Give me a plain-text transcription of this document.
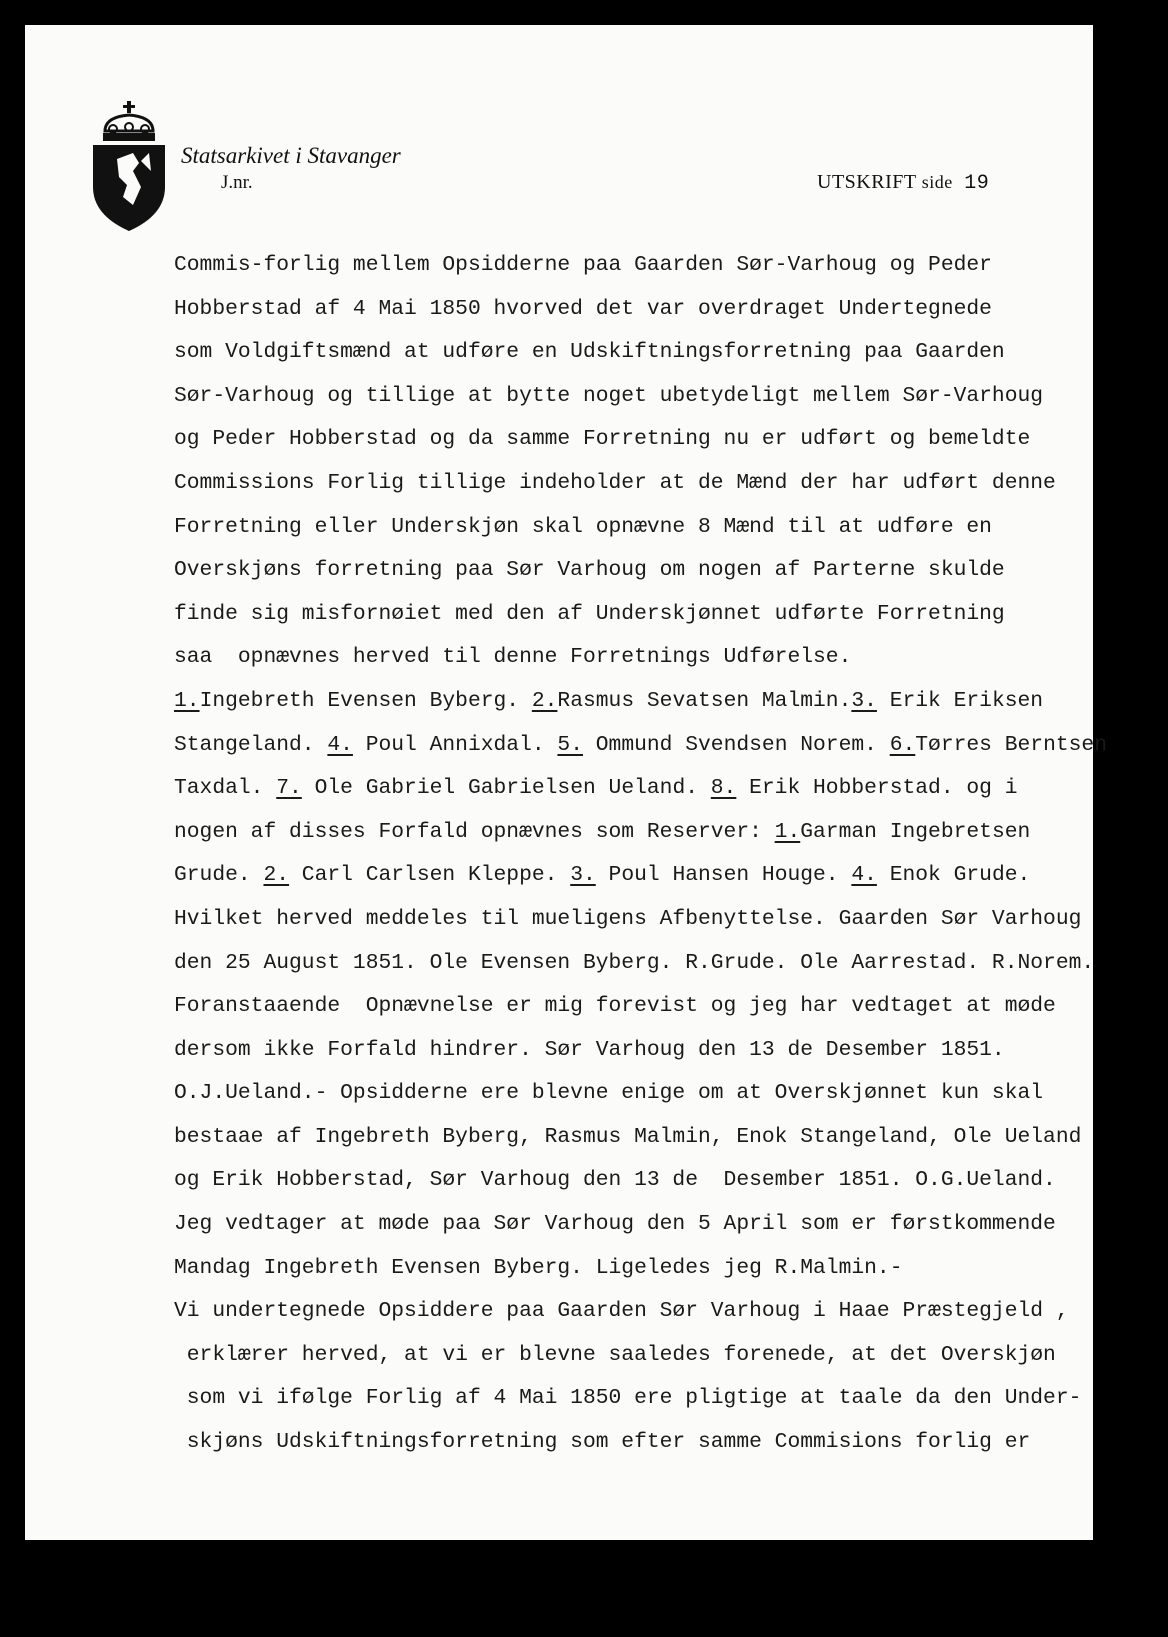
Statsarkivet i Stavanger
J.nr.	UTSKRIFT side 19
Commis-forlig mellem Opsidderne paa Gaarden Sør-Varhoug og Peder
Hobberstad af 4 Mai 1850 hvorved det var overdraget Undertegnede
som Voldgiftsmænd at udføre en Udskiftningsforretning paa Gaarden
Sør-Varhoug og tillige at bytte noget ubetydeligt mellem Sør-Varhoug
og Peder Hobberstad og da samme Forretning nu er udført og bemeldte
Commissions Forlig tillige indeholder at de Mænd der har udført denne
Forretning eller Underskjøn skal opnævne 8 Mænd til at udføre en
Overskjøns forretning paa Sør Varhoug om nogen af Parterne skulde
finde sig misfornøiet med den af Underskjønnet udførte Forretning
saa  opnævnes herved til denne Forretnings Udførelse.
1.Ingebreth Evensen Byberg. 2.Rasmus Sevatsen Malmin.3. Erik Eriksen
Stangeland. 4. Poul Annixdal. 5. Ommund Svendsen Norem. 6.Tørres Berntsen
Taxdal. 7. Ole Gabriel Gabrielsen Ueland. 8. Erik Hobberstad. og i
nogen af disses Forfald opnævnes som Reserver: 1.Garman Ingebretsen
Grude. 2. Carl Carlsen Kleppe. 3. Poul Hansen Houge. 4. Enok Grude.
Hvilket herved meddeles til mueligens Afbenyttelse. Gaarden Sør Varhoug
den 25 August 1851. Ole Evensen Byberg. R.Grude. Ole Aarrestad. R.Norem.
Foranstaaende  Opnævnelse er mig forevist og jeg har vedtaget at møde
dersom ikke Forfald hindrer. Sør Varhoug den 13 de Desember 1851.
O.J.Ueland.- Opsidderne ere blevne enige om at Overskjønnet kun skal
bestaae af Ingebreth Byberg, Rasmus Malmin, Enok Stangeland, Ole Ueland
og Erik Hobberstad, Sør Varhoug den 13 de  Desember 1851. O.G.Ueland.
Jeg vedtager at møde paa Sør Varhoug den 5 April som er førstkommende
Mandag Ingebreth Evensen Byberg. Ligeledes jeg R.Malmin.-
Vi undertegnede Opsiddere paa Gaarden Sør Varhoug i Haae Præstegjeld ,
erklærer herved, at vi er blevne saaledes forenede, at det Overskjøn
som vi ifølge Forlig af 4 Mai 1850 ere pligtige at taale da den Under-
skjøns Udskiftningsforretning som efter samme Commisions forlig er
